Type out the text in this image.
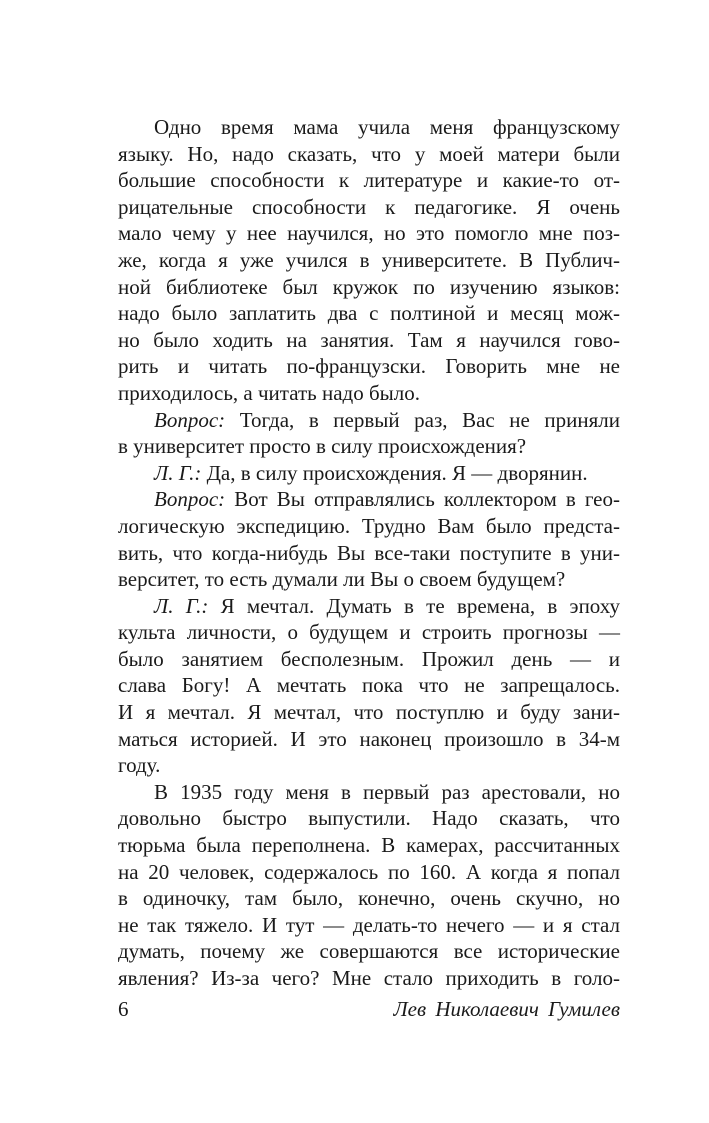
Одно время мама учила меня французскому
языку. Но, надо сказать, что у моей матери были
большие способности к литературе и какие-то от-
рицательные способности к педагогике. Я очень
мало чему у нее научился, но это помогло мне поз-
же, когда я уже учился в университете. В Публич-
ной библиотеке был кружок по изучению языков:
надо было заплатить два с полтиной и месяц мож-
но было ходить на занятия. Там я научился гово-
рить и читать по-французски. Говорить мне не
приходилось, а читать надо было.
Вопрос: Тогда, в первый раз, Вас не приняли
в университет просто в силу происхождения?
Л. Г.: Да, в силу происхождения. Я — дворянин.
Вопрос: Вот Вы отправлялись коллектором в гео-
логическую экспедицию. Трудно Вам было предста-
вить, что когда-нибудь Вы все-таки поступите в уни-
верситет, то есть думали ли Вы о своем будущем?
Л. Г.: Я мечтал. Думать в те времена, в эпоху
культа личности, о будущем и строить прогнозы —
было занятием бесполезным. Прожил день — и
слава Богу! А мечтать пока что не запрещалось.
И я мечтал. Я мечтал, что поступлю и буду зани-
маться историей. И это наконец произошло в 34-м
году.
В 1935 году меня в первый раз арестовали, но
довольно быстро выпустили. Надо сказать, что
тюрьма была переполнена. В камерах, рассчитанных
на 20 человек, содержалось по 160. А когда я попал
в одиночку, там было, конечно, очень скучно, но
не так тяжело. И тут — делать-то нечего — и я стал
думать, почему же совершаются все исторические
явления? Из-за чего? Мне стало приходить в голо-
6	Лев Николаевич Гумилев
